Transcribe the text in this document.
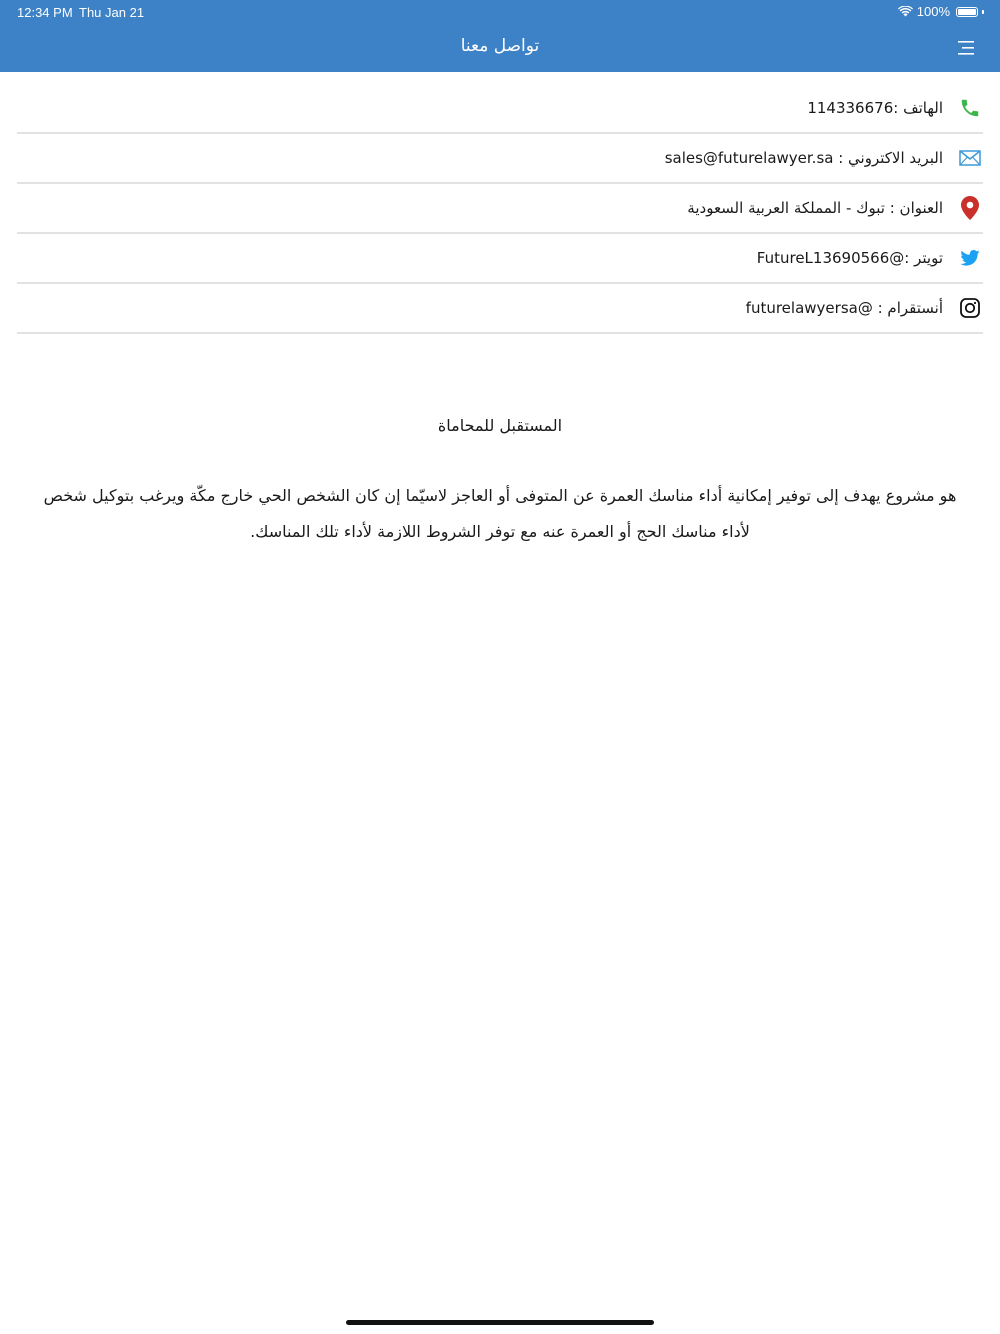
12:34 PM Thu Jan 21	100%
تواصل معنا
الهاتف :114336676
البريد الاكتروني : sales@futurelawyer.sa
العنوان : تبوك - المملكة العربية السعودية
تويتر :@FutureL13690566
أنستقرام : @futurelawyersa
المستقبل للمحاماة
هو مشروع يهدف إلى توفير إمكانية أداء مناسك العمرة عن المتوفى أو العاجز لاسيّما إن كان الشخص الحي خارج مكّة ويرغب بتوكيل شخص لأداء مناسك الحج أو العمرة عنه مع توفر الشروط اللازمة لأداء تلك المناسك.
